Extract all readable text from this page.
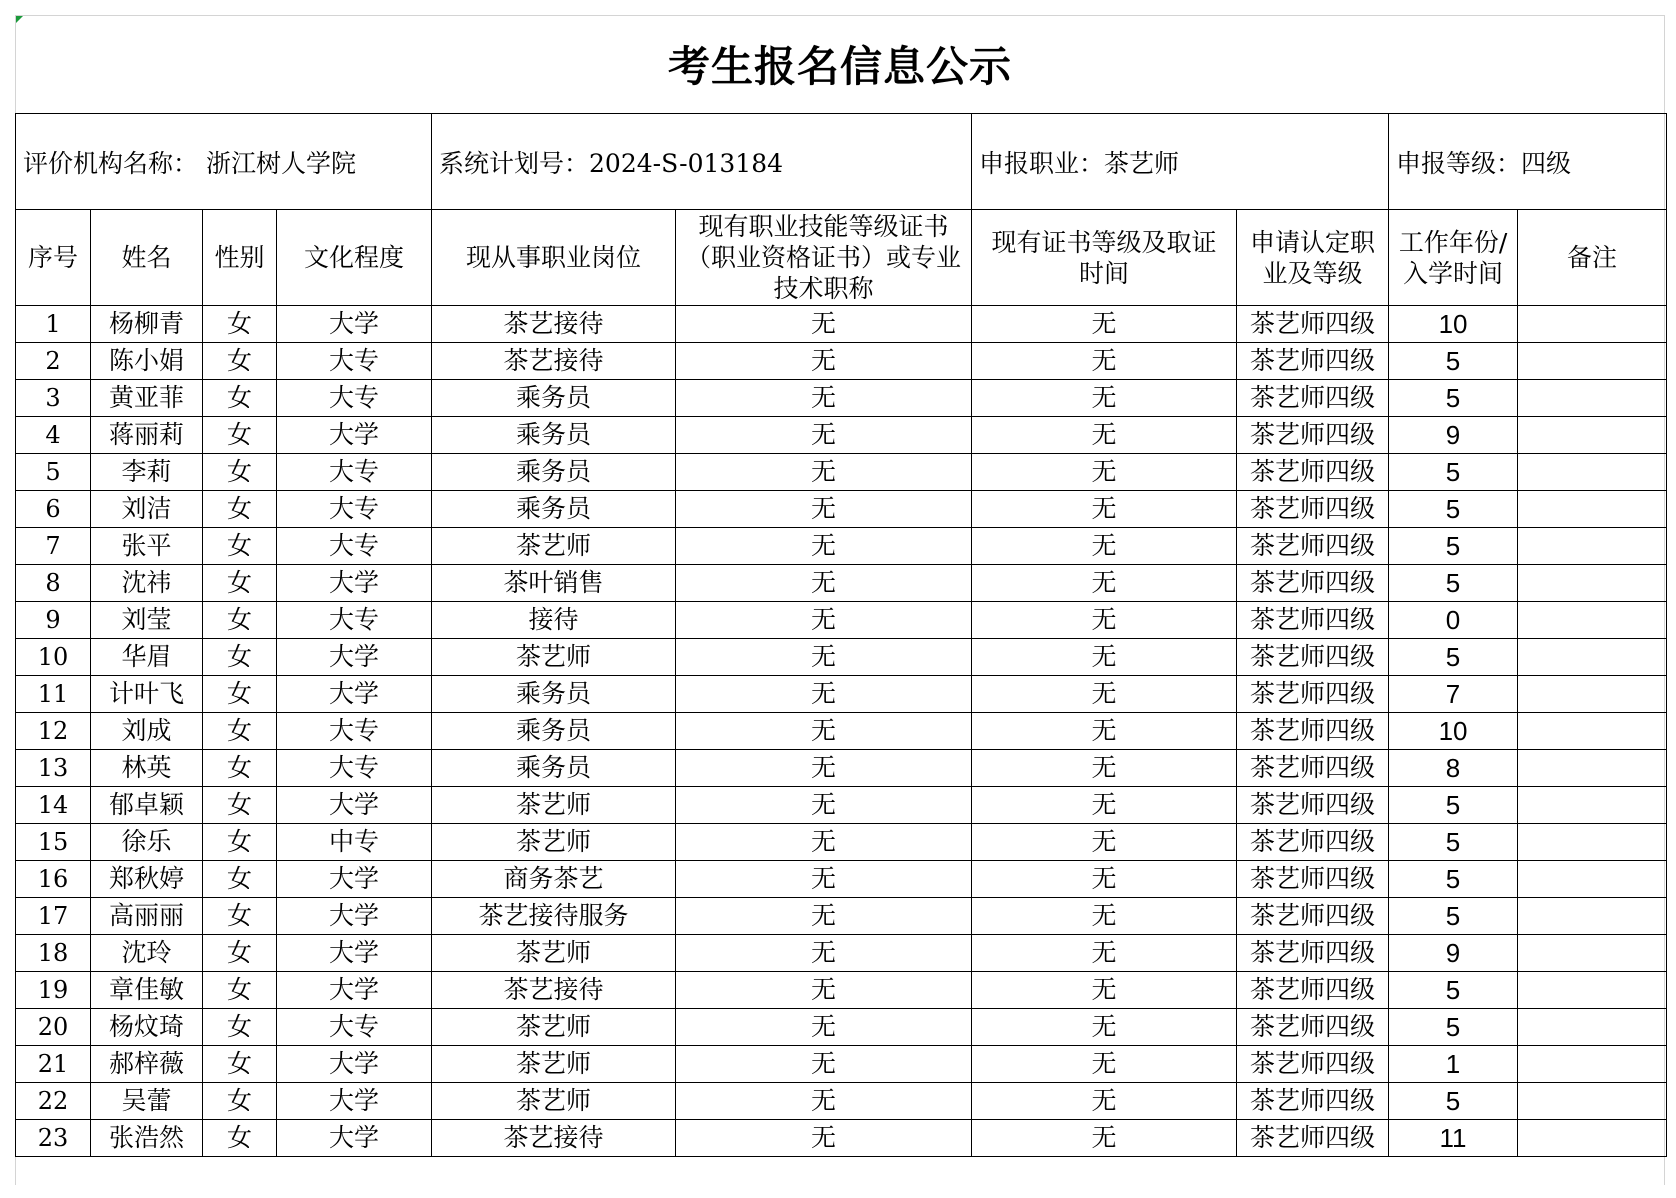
考生报名信息公示
评价机构名称： 浙江树人学院				系统计划号：2024-S-013184		申报职业：茶艺师		申报等级：四级	
序号	姓名	性别	文化程度	现从事职业岗位	现有职业技能等级证书（职业资格证书）或专业技术职称	现有证书等级及取证时间	申请认定职业及等级	工作年份/入学时间	备注
1	杨柳青	女	大学	茶艺接待	无	无	茶艺师四级	10	
2	陈小娟	女	大专	茶艺接待	无	无	茶艺师四级	5	
3	黄亚菲	女	大专	乘务员	无	无	茶艺师四级	5	
4	蒋丽莉	女	大学	乘务员	无	无	茶艺师四级	9	
5	李莉	女	大专	乘务员	无	无	茶艺师四级	5	
6	刘洁	女	大专	乘务员	无	无	茶艺师四级	5	
7	张平	女	大专	茶艺师	无	无	茶艺师四级	5	
8	沈祎	女	大学	茶叶销售	无	无	茶艺师四级	5	
9	刘莹	女	大专	接待	无	无	茶艺师四级	0	
10	华眉	女	大学	茶艺师	无	无	茶艺师四级	5	
11	计叶飞	女	大学	乘务员	无	无	茶艺师四级	7	
12	刘成	女	大专	乘务员	无	无	茶艺师四级	10	
13	林英	女	大专	乘务员	无	无	茶艺师四级	8	
14	郁卓颖	女	大学	茶艺师	无	无	茶艺师四级	5	
15	徐乐	女	中专	茶艺师	无	无	茶艺师四级	5	
16	郑秋婷	女	大学	商务茶艺	无	无	茶艺师四级	5	
17	高丽丽	女	大学	茶艺接待服务	无	无	茶艺师四级	5	
18	沈玲	女	大学	茶艺师	无	无	茶艺师四级	9	
19	章佳敏	女	大学	茶艺接待	无	无	茶艺师四级	5	
20	杨炆琦	女	大专	茶艺师	无	无	茶艺师四级	5	
21	郝梓薇	女	大学	茶艺师	无	无	茶艺师四级	1	
22	吴蕾	女	大学	茶艺师	无	无	茶艺师四级	5	
23	张浩然	女	大学	茶艺接待	无	无	茶艺师四级	11	
